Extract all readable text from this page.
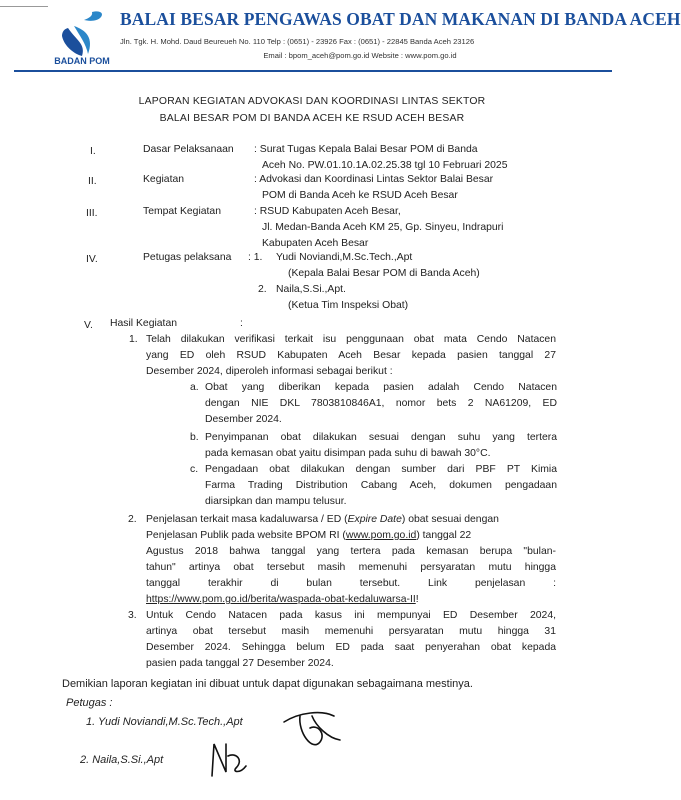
BADAN POM
BALAI BESAR PENGAWAS OBAT DAN MAKANAN DI BANDA ACEH
Jln. Tgk. H. Mohd. Daud Beureueh No. 110 Telp : (0651) - 23926 Fax : (0651) - 22845 Banda Aceh 23126
Email : bpom_aceh@pom.go.id Website : www.pom.go.id
LAPORAN KEGIATAN ADVOKASI DAN KOORDINASI LINTAS SEKTOR
BALAI BESAR POM DI BANDA ACEH KE RSUD ACEH BESAR
I.	Dasar Pelaksanaan : Surat Tugas Kepala Balai Besar POM di Banda
Aceh No. PW.01.10.1A.02.25.38 tgl 10 Februari 2025
II.	Kegiatan	: Advokasi dan Koordinasi Lintas Sektor Balai Besar
POM di Banda Aceh ke RSUD Aceh Besar
III.	Tempat Kegiatan	: RSUD Kabupaten Aceh Besar,
Jl. Medan-Banda Aceh KM 25, Gp. Sinyeu, Indrapuri
Kabupaten Aceh Besar
IV.	Petugas pelaksana : 1. Yudi Noviandi,M.Sc.Tech.,Apt
(Kepala Balai Besar POM di Banda Aceh)
2. Naila,S.Si.,Apt.
(Ketua Tim Inspeksi Obat)
V. Hasil Kegiatan	:
1. Telah dilakukan verifikasi terkait isu penggunaan obat mata Cendo Natacen
yang ED oleh RSUD Kabupaten Aceh Besar kepada pasien tanggal 27
Desember 2024, diperoleh informasi sebagai berikut :
a. Obat yang diberikan kepada pasien adalah Cendo Natacen
dengan NIE DKL 7803810846A1, nomor bets 2 NA61209, ED
Desember 2024.
b. Penyimpanan obat dilakukan sesuai dengan suhu yang tertera
pada kemasan obat yaitu disimpan pada suhu di bawah 30°C.
c. Pengadaan obat dilakukan dengan sumber dari PBF PT Kimia
Farma Trading Distribution Cabang Aceh, dokumen pengadaan
diarsipkan dan mampu telusur.
2. Penjelasan terkait masa kadaluwarsa / ED (Expire Date) obat sesuai dengan
Penjelasan Publik pada website BPOM RI (www.pom.go.id) tanggal 22
Agustus 2018 bahwa tanggal yang tertera pada kemasan berupa "bulan-
tahun" artinya obat tersebut masih memenuhi persyaratan mutu hingga
tanggal terakhir di bulan tersebut. Link penjelasan :
https://www.pom.go.id/berita/waspada-obat-kedaluwarsa-II!
3. Untuk Cendo Natacen pada kasus ini mempunyai ED Desember 2024,
artinya obat tersebut masih memenuhi persyaratan mutu hingga 31
Desember 2024. Sehingga belum ED pada saat penyerahan obat kepada
pasien pada tanggal 27 Desember 2024.
Demikian laporan kegiatan ini dibuat untuk dapat digunakan sebagaimana mestinya.
Petugas :
1. Yudi Noviandi,M.Sc.Tech.,Apt
2. Naila,S.Si.,Apt
